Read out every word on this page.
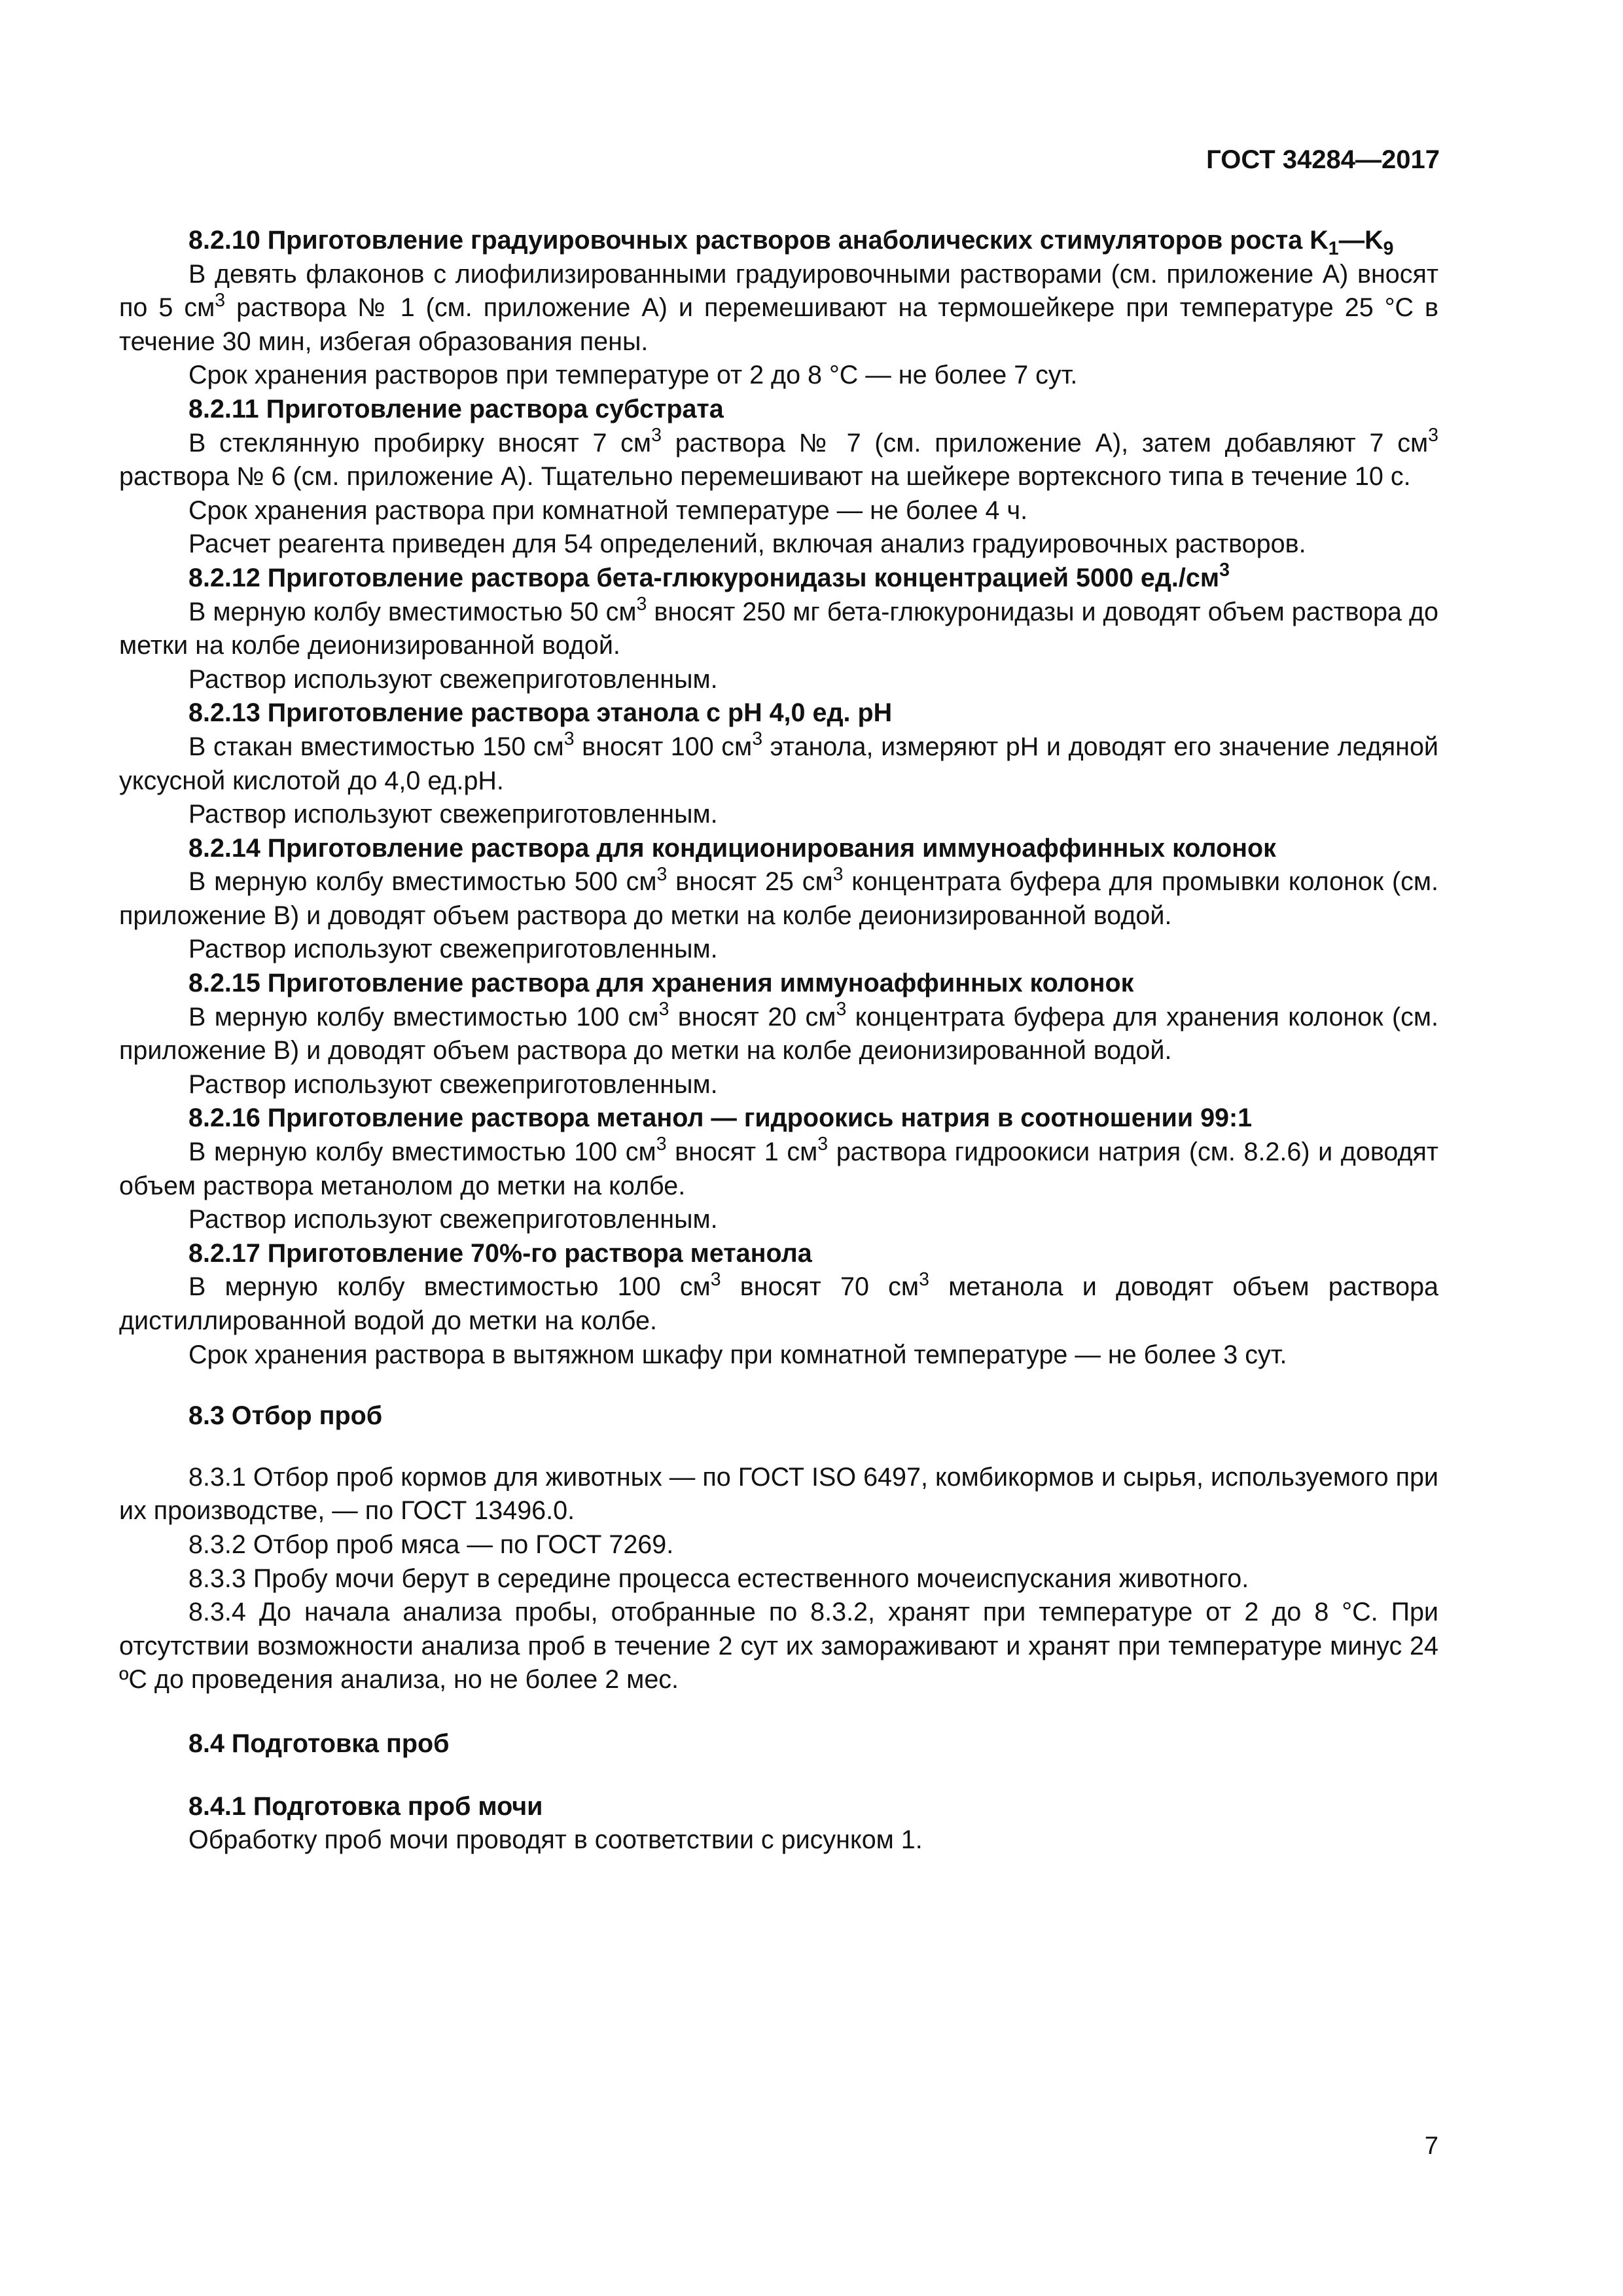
ГОСТ 34284—2017

8.2.10 Приготовление градуировочных растворов анаболических стимуляторов роста $K_1—K_9$

В девять флаконов с лиофилизированными градуировочными растворами (см. приложение А) вносят по 5 $см^3$ раствора № 1 (см. приложение А) и перемешивают на термошейкере при температуре 25 °С в течение 30 мин, избегая образования пены.

Срок хранения растворов при температуре от 2 до 8 °С — не более 7 сут.

8.2.11 Приготовление раствора субстрата

В стеклянную пробирку вносят 7 $см^3$ раствора № 7 (см. приложение А), затем добавляют 7 $см^3$ раствора № 6 (см. приложение А). Тщательно перемешивают на шейкере вортексного типа в течение 10 с.

Срок хранения раствора при комнатной температуре — не более 4 ч.

Расчет реагента приведен для 54 определений, включая анализ градуировочных растворов.

8.2.12 Приготовление раствора бета-глюкуронидазы концентрацией 5000 $ед./см^3$

В мерную колбу вместимостью 50 $см^3$ вносят 250 мг бета-глюкуронидазы и доводят объем раствора до метки на колбе деионизированной водой.

Раствор используют свежеприготовленным.

8.2.13 Приготовление раствора этанола с рН 4,0 ед. рН

В стакан вместимостью 150 $см^3$ вносят 100 $см^3$ этанола, измеряют рН и доводят его значение ледяной уксусной кислотой до 4,0 ед.рН.

Раствор используют свежеприготовленным.

8.2.14 Приготовление раствора для кондиционирования иммуноаффинных колонок

В мерную колбу вместимостью 500 $см^3$ вносят 25 $см^3$ концентрата буфера для промывки колонок (см. приложение В) и доводят объем раствора до метки на колбе деионизированной водой.

Раствор используют свежеприготовленным.

8.2.15 Приготовление раствора для хранения иммуноаффинных колонок

В мерную колбу вместимостью 100 $см^3$ вносят 20 $см^3$ концентрата буфера для хранения колонок (см. приложение В) и доводят объем раствора до метки на колбе деионизированной водой.

Раствор используют свежеприготовленным.

8.2.16 Приготовление раствора метанол — гидроокись натрия в соотношении 99:1

В мерную колбу вместимостью 100 $см^3$ вносят 1 $см^3$ раствора гидроокиси натрия (см. 8.2.6) и доводят объем раствора метанолом до метки на колбе.

Раствор используют свежеприготовленным.

8.2.17 Приготовление 70%-го раствора метанола

В мерную колбу вместимостью 100 $см^3$ вносят 70 $см^3$ метанола и доводят объем раствора дистиллированной водой до метки на колбе.

Срок хранения раствора в вытяжном шкафу при комнатной температуре — не более 3 сут.

8.3 Отбор проб

8.3.1 Отбор проб кормов для животных — по ГОСТ ISO 6497, комбикормов и сырья, используемого при их производстве, — по ГОСТ 13496.0.

8.3.2 Отбор проб мяса — по ГОСТ 7269.

8.3.3 Пробу мочи берут в середине процесса естественного мочеиспускания животного.

8.3.4 До начала анализа пробы, отобранные по 8.3.2, хранят при температуре от 2 до 8 °С. При отсутствии возможности анализа проб в течение 2 сут их замораживают и хранят при температуре минус 24 ºС до проведения анализа, но не более 2 мес.

8.4 Подготовка проб

8.4.1 Подготовка проб мочи

Обработку проб мочи проводят в соответствии с рисунком 1.

7
